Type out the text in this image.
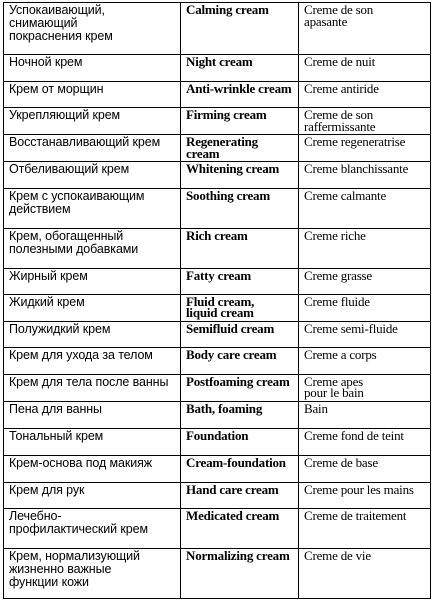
Успокаивающий,
снимающий
покраснения крем	Calming cream	Creme de son
apasante

Ночной крем	Night cream	Creme de nuit

Крем от морщин	Anti-wrinkle cream	Creme antiride

Укрепляющий крем	Firming cream	Creme de son
raffermissante

Восстанавливающий крем	Regenerating cream	Creme regeneratrise

Отбеливающий крем	Whitening cream	Creme blanchissante

Крем с успокаивающим
действием	Soothing cream	Creme calmante

Крем, обогащенный
полезными добавками	Rich cream	Creme riche

Жирный крем	Fatty cream	Creme grasse

Жидкий крем	Fluid cream,
liquid cream	Creme fluide

Полужидкий крем	Semifluid cream	Creme semi-fluide

Крем для ухода за телом	Body care cream	Creme a corps

Крем для тела после ванны	Postfoaming cream	Creme apes
pour le bain

Пена для ванны	Bath, foaming	Bain

Тональный крем	Foundation	Creme fond de teint

Крем-основа под макияж	Cream-foundation	Creme de base

Крем для рук	Hand care cream	Creme pour les mains

Лечебно-
профилактический крем	Medicated cream	Creme de traitement

Крем, нормализующий
жизненно важные
функции кожи	Normalizing cream	Creme de vie
